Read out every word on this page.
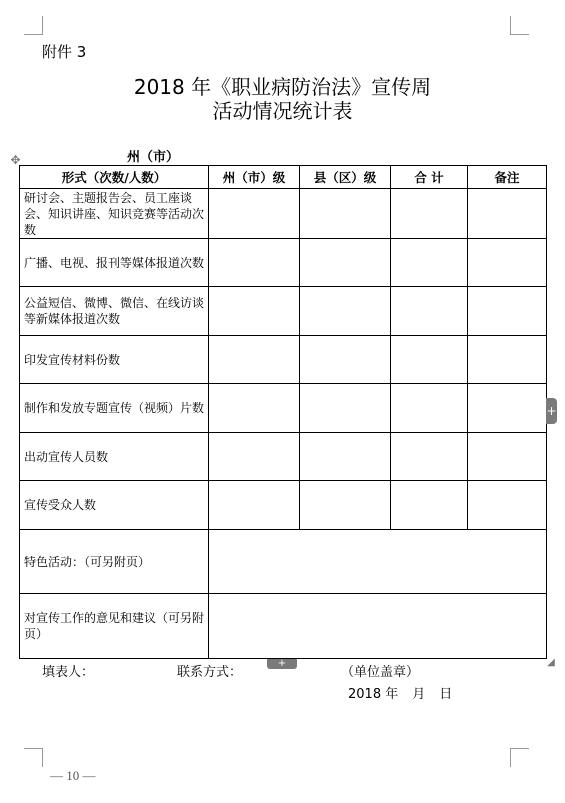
附件 3
2018 年《职业病防治法》宣传周
活动情况统计表
州（市）
✥
形式（次数/人数）	州（市）级	县（区）级	合 计	备注
研讨会、主题报告会、员工座谈会、知识讲座、知识竞赛等活动次数				
广播、电视、报刊等媒体报道次数				
公益短信、微博、微信、在线访谈等新媒体报道次数				
印发宣传材料份数				
制作和发放专题宣传（视频）片数				
出动宣传人员数				
宣传受众人数				
特色活动：（可另附页）				
对宣传工作的意见和建议（可另附页）				
+
+	◢
填表人：	联系方式：	（单位盖章）
2018 年 月 日
— 10 —
